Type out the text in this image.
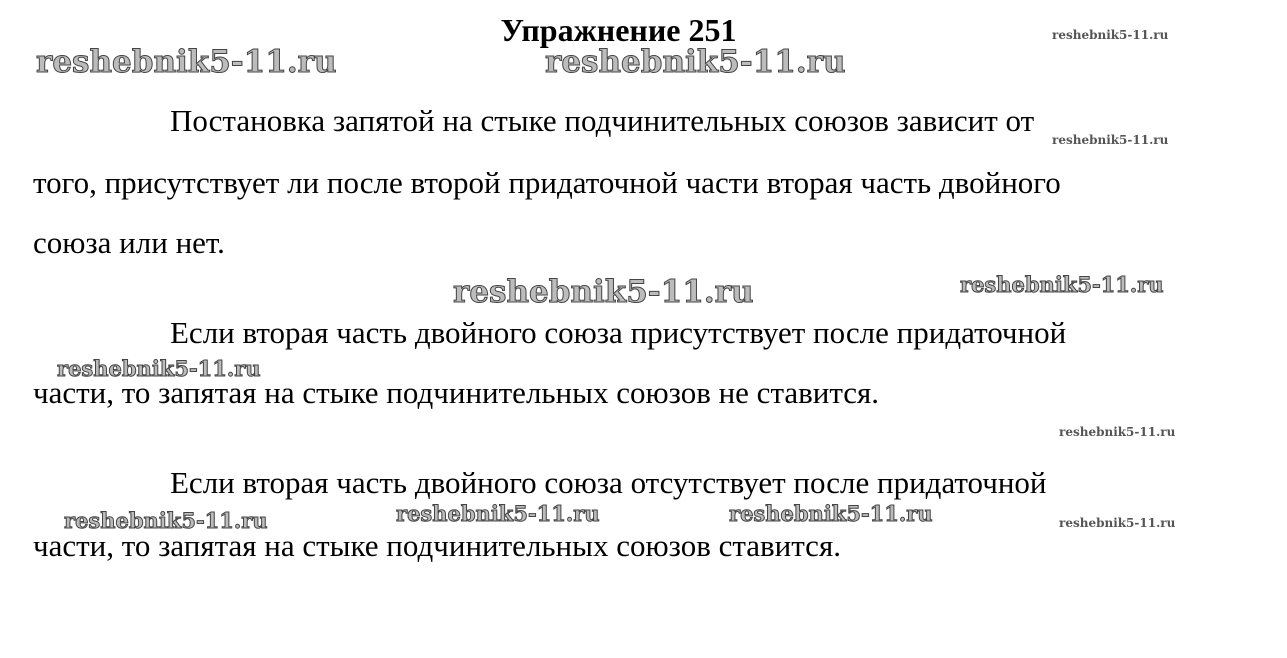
Упражнение 251
Постановка запятой на стыке подчинительных союзов зависит от
того, присутствует ли после второй придаточной части вторая часть двойного
союза или нет.
Если вторая часть двойного союза присутствует после придаточной
части, то запятая на стыке подчинительных союзов не ставится.
Если вторая часть двойного союза отсутствует после придаточной
части, то запятая на стыке подчинительных союзов ставится.
reshebnik5-11.ru	reshebnik5-11.ru
reshebnik5-11.ru
reshebnik5-11.ru
reshebnik5-11.ru	reshebnik5-11.ru
reshebnik5-11.ru
reshebnik5-11.ru
reshebnik5-11.ru	reshebnik5-11.ru	reshebnik5-11.ru	reshebnik5-11.ru
